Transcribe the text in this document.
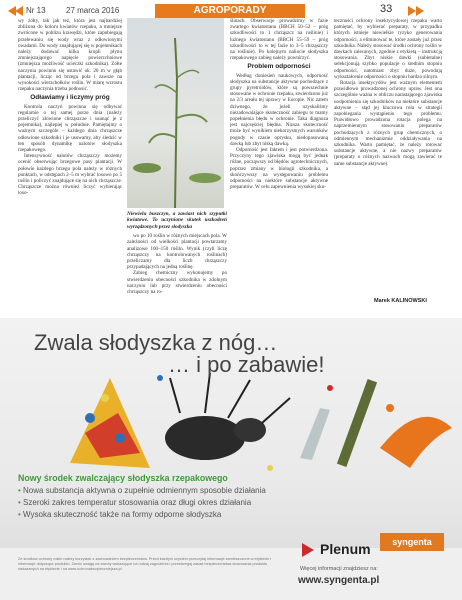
Nr 13	27 marca 2016	AGROPORADY	33

wy żółty, tak jak też, która jest najbardziej zbliżona do koloru kwiatów rzepaku, a mniejsze zwrócone w poblizu krawędzi, które zapobiegają przelewaniu się wody wraz z odłowionymi owadami. Do wody znajdującej się w pojemnikach należy dodawać kilka kropli płynu zmniejszającego napięcie powierzchniowe (zmniejsza możliwość ucieczki szkodnika). Zółte naczynia powinno się ustawić ok. 20 m w głąb plantacji, licząc od brzegu pola i zawsze na wysokości wierzchołków roślin. W miarę wzrostu rzepaku naczynia trzeba podnosić.

Odławiamy i liczymy próg

Kontrola naczyń powinna się odbywać regularnie o tej samej porze dnia (należy przeliczyć złowione chrząszcze i usunąć je z pojemnika), najlepiej w południe. Pamiętajmy o ważnym szczególe – każdego dnia chrząszcze odłowione szkodniki i je usuwamy, aby śledzić w ten sposób dynamikę nalotów słodyszka rzepakowego.

Intensywność nalotów chrząszczy możemy ocenić obserwując brzegowe pasy plantacji. W połowie każdego brzegu pola należy w różnych punktach, w odstępach 2–5 m wybrać losowo po 5 roślin i policzyć znajdujące się na nich chrząszcze. Chrząszcze można również liczyć wybierając loso-

Niewielu buszczyn, a zawiast nich szyputki kwiatowe. To uczynione skutek uszkodzeń wyrządzonych przez słodyszka

wo po 10 roślin w różnych miejscach pola. W zależności od wielkości plantacji powtarzamy analizowe 100–150 roślin. Wynik (czyli liczę chrząszczy na kontrolowanych roślinach) przeliczamy dla liczb chrząszczy przypadających na jedną roślinę.

Zabieg chemiczny wykonujemy po stwierdzeniu obecności szkodnika w zdolnym naczyniu lub przy stwierdzeniu obecności chrząszczy na ro-

ślinach. Obserwacje prowadzimy w fazie zwartego kwiatostanu (BBCH 50–52 – próg szkodliwości to 1 chrząszcz na roślinie) i luźnego kwiatostanu (BBCH 55–59 – próg szkodliwości to w tej fazie to 3–5 chrząszczy na roślinie). Po kolejnym naliocie słodyszka rzepakowego zabieg należy powtórzyć.

Problem odporności

Według doniesień naukowych, odporność słodyszka na substancje aktywne pochodzące z grupy pyretroidów, które są powszechnie stosowane w ochronie rzepaku, stwierdzono już na 2/3 areału tej uprawy w Europie. Nic zatem dziwnego, że jeżeli uzyskaliśmy niezadowalające skuteczność zabiegu to mamy popełnienia błędu w ochronie. Taka diagnoza jest najczęściej błędna. Nizsza skuteczność może być wynikiem niekorzystnych warunków pogody w czasie oprysku, niedopasowaną dawką lub zbyt niską dawką.

Odporność jest faktem i jest potwierdzona. Przyczyny tego zjawiska mogą być jednak różne, począwszy od błędów agrotechnicznych, poprzez zmiany w biologii szkodnika, a skończywszy na występowaniu problemu odporności na niektóre substancje aktywne preparatów. W celu zapewnienia wysokiej sku-

teczności ochrony insektycydowej rzepaku warto pamiętać, by wybierać preparaty, w przypadku których istnieje niewielkie ryzyko generowania odporności, a eliminować te, które zostały już przez szkodnika. Należy stosować środki ochrony roślin w dawkach zalecanych, zgodnie z etykietą – instrukcją stosowania. Zbyt niskie dawki (subletalne) selekcjonują szybko populacje o średnim stopniu odporności, natomiast zbyt duże, powodują wykształcenie odporności o stopniu bardzo silnym.

Rotacja insektycydów jest ważnym elementem prawidłowo prowadzonej ochrony upraw. Jest ona szczególnie ważna w obliczu narastającego zjawiska uodpornienia się szkodników na niektóre substancje aktywne – stąd jej kluczowa rola w strategii zapobiegania wystąpieniu tego problemu. Prawidłowo prowadzona rotacja polega na naprzemiennym stosowaniu preparatów pochodzących z różnych grup chemicznych, o odmiennym mechanizmie oddziaływania na szkodnika. Warto pamiętać, że należy rotować substancje aktywne, a nie nazwy preparatów (preparaty o różnych nazwach mogą zawierać te same substancje aktywne).

Marek KALINOWSKI
Zwala słodyszka z nóg…
… i po zabawie!
Nowy środek zwalczający słodyszka rzepakowego
• Nowa substancja aktywna o zupełnie odmiennym sposobie działania
• Szeroki zakres temperatur stosowania oraz długi okres działania
• Wysoka skuteczność także na formy odporne słodyszka
Ze środków ochrony roślin należy korzystać z zachowaniem bezpieczeństwa. Przed każdym użyciem przeczytaj informacje zamieszczone w etykiecie i informacje dotyczące produktu. Zwróć uwagę na zwroty wskazujące na rodzaj zagrożenia i przestrzegaj zasad bezpieczeństwa stosowania produktu wskazanych na etykiecie i na www.ochronabezpieczniejsza.pl
Plenum	syngenta
Więcej informacji znajdziesz na:
www.syngenta.pl
